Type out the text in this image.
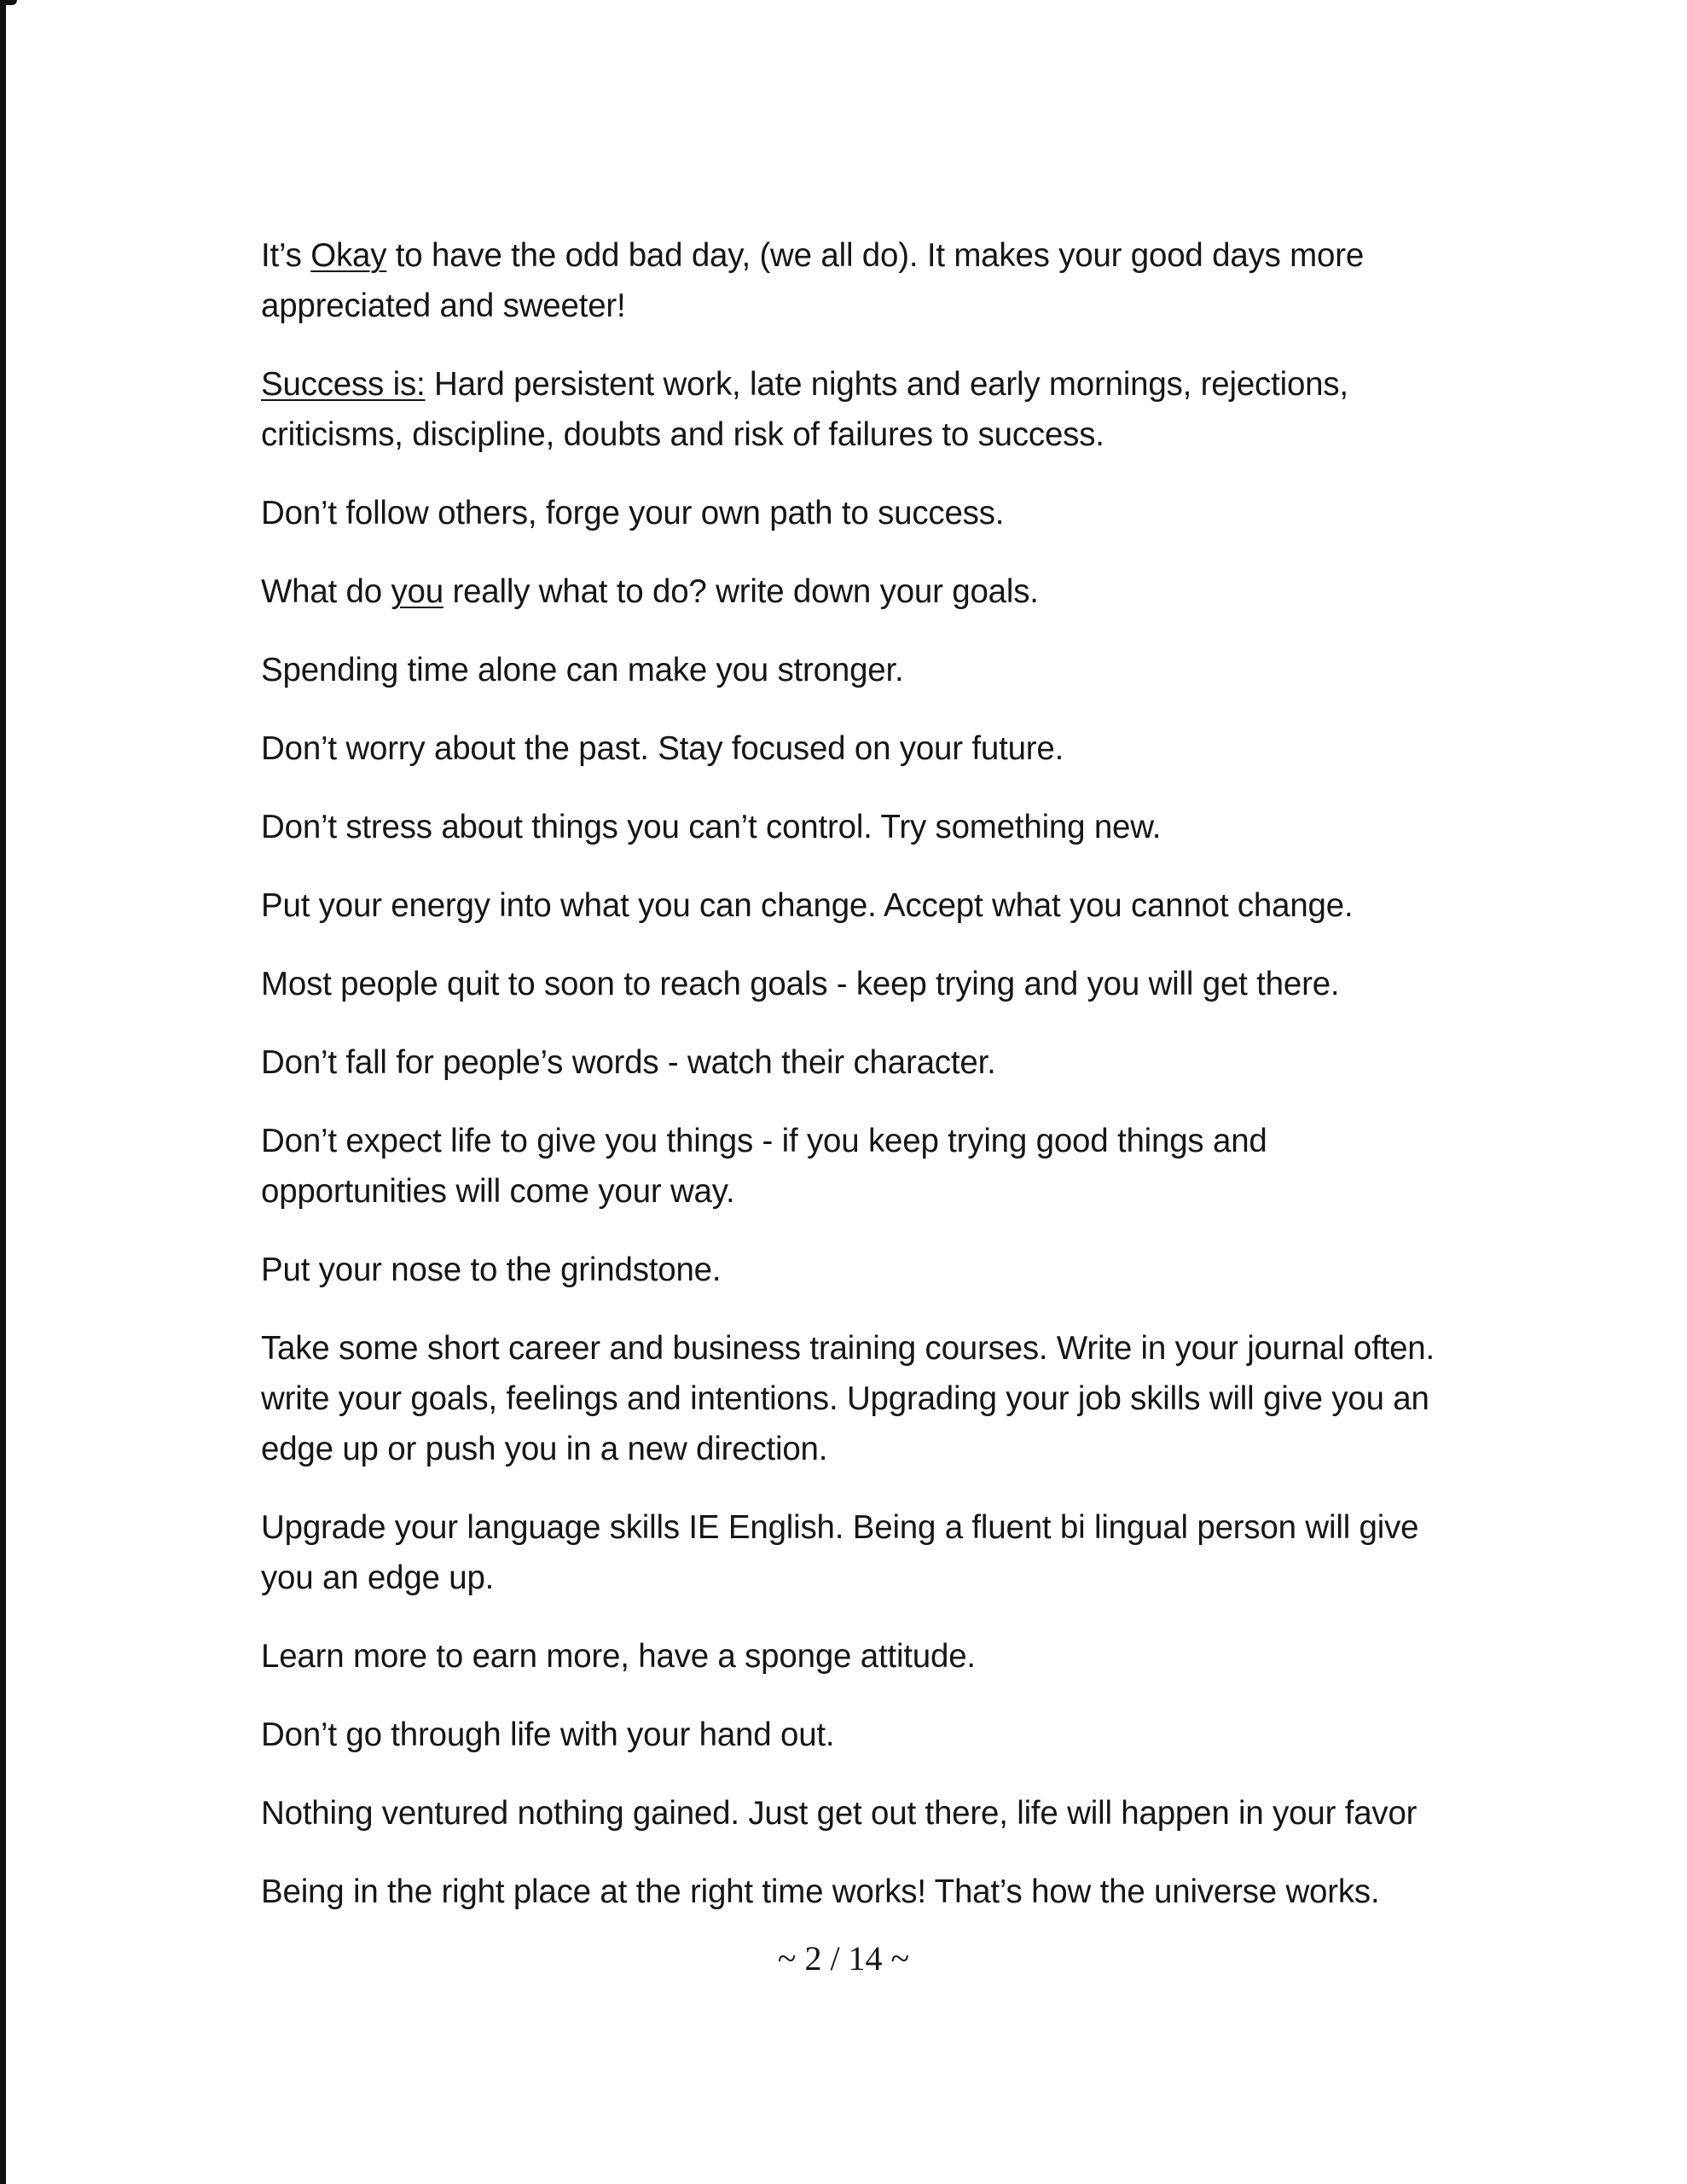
It’s Okay to have the odd bad day, (we all do). It makes your good days more
appreciated and sweeter!

Success is: Hard persistent work, late nights and early mornings, rejections,
criticisms, discipline, doubts and risk of failures to success.

Don’t follow others, forge your own path to success.

What do you really what to do? write down your goals.

Spending time alone can make you stronger.

Don’t worry about the past. Stay focused on your future.

Don’t stress about things you can’t control. Try something new.

Put your energy into what you can change. Accept what you cannot change.

Most people quit to soon to reach goals - keep trying and you will get there.

Don’t fall for people’s words - watch their character.

Don’t expect life to give you things - if you keep trying good things and
opportunities will come your way.

Put your nose to the grindstone.

Take some short career and business training courses. Write in your journal often.
write your goals, feelings and intentions. Upgrading your job skills will give you an
edge up or push you in a new direction.

Upgrade your language skills IE English. Being a fluent bi lingual person will give
you an edge up.

Learn more to earn more, have a sponge attitude.

Don’t go through life with your hand out.

Nothing ventured nothing gained. Just get out there, life will happen in your favor

Being in the right place at the right time works! That’s how the universe works.

~ 2 / 14 ~
